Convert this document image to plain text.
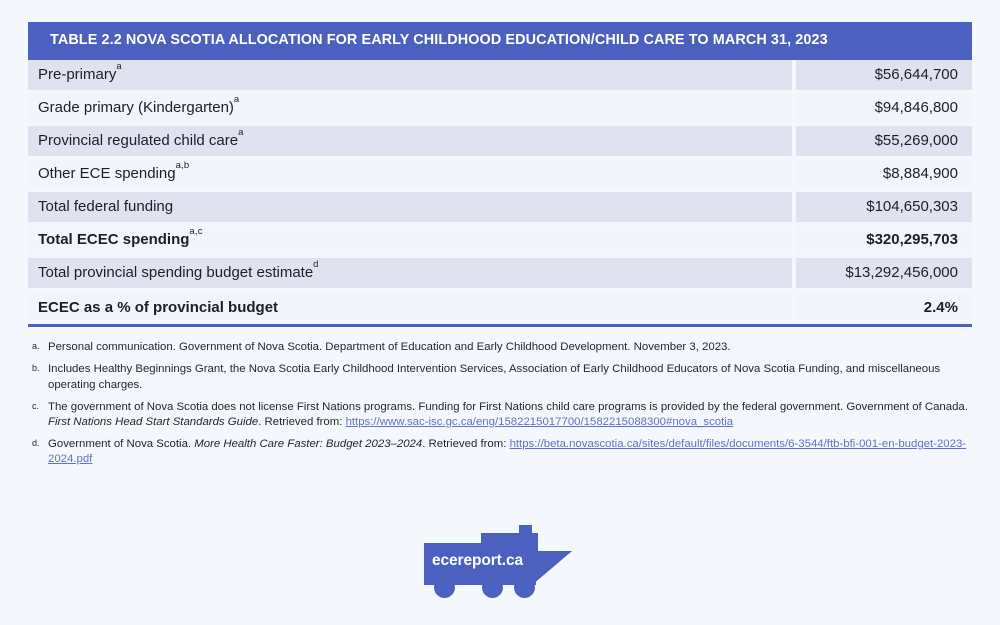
TABLE 2.2 NOVA SCOTIA ALLOCATION FOR EARLY CHILDHOOD EDUCATION/CHILD CARE TO MARCH 31, 2023
Pre-primary$^a$	$56,644,700
Grade primary (Kindergarten)$^a$	$94,846,800
Provincial regulated child care$^a$	$55,269,000
Other ECE spending$^{a,b}$	$8,884,900
Total federal funding	$104,650,303
Total ECEC spending$^{a,c}$	$320,295,703
Total provincial spending budget estimate$^d$	$13,292,456,000
ECEC as a % of provincial budget	2.4%
a. Personal communication. Government of Nova Scotia. Department of Education and Early Childhood Development. November 3, 2023.
b. Includes Healthy Beginnings Grant, the Nova Scotia Early Childhood Intervention Services, Association of Early Childhood Educators of Nova Scotia Funding, and miscellaneous operating charges.
c. The government of Nova Scotia does not license First Nations programs. Funding for First Nations child care programs is provided by the federal government. Government of Canada. First Nations Head Start Standards Guide. Retrieved from: https://www.sac-isc.gc.ca/eng/1582215017700/1582215088300#nova_scotia
d. Government of Nova Scotia. More Health Care Faster: Budget 2023–2024. Retrieved from: https://beta.novascotia.ca/sites/default/files/documents/6-3544/ftb-bfi-001-en-budget-2023-2024.pdf
ecereport.ca
